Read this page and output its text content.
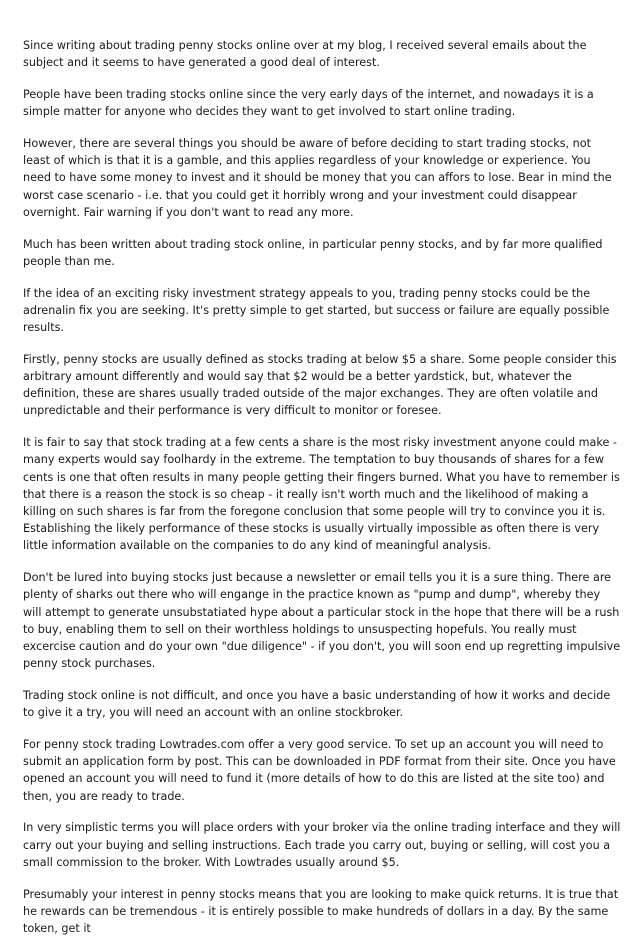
Since writing about trading penny stocks online over at my blog, I received several emails about the subject and it seems to have generated a good deal of interest.

People have been trading stocks online since the very early days of the internet, and nowadays it is a simple matter for anyone who decides they want to get involved to start online trading.

However, there are several things you should be aware of before deciding to start trading stocks, not least of which is that it is a gamble, and this applies regardless of your knowledge or experience. You need to have some money to invest and it should be money that you can affors to lose. Bear in mind the worst case scenario - i.e. that you could get it horribly wrong and your investment could disappear overnight. Fair warning if you don't want to read any more.

Much has been written about trading stock online, in particular penny stocks, and by far more qualified people than me.

If the idea of an exciting risky investment strategy appeals to you, trading penny stocks could be the adrenalin fix you are seeking. It's pretty simple to get started, but success or failure are equally possible results.

Firstly, penny stocks are usually defined as stocks trading at below $5 a share. Some people consider this arbitrary amount differently and would say that $2 would be a better yardstick, but, whatever the definition, these are shares usually traded outside of the major exchanges. They are often volatile and unpredictable and their performance is very difficult to monitor or foresee.

It is fair to say that stock trading at a few cents a share is the most risky investment anyone could make - many experts would say foolhardy in the extreme. The temptation to buy thousands of shares for a few cents is one that often results in many people getting their fingers burned. What you have to remember is that there is a reason the stock is so cheap - it really isn't worth much and the likelihood of making a killing on such shares is far from the foregone conclusion that some people will try to convince you it is. Establishing the likely performance of these stocks is usually virtually impossible as often there is very little information available on the companies to do any kind of meaningful analysis.

Don't be lured into buying stocks just because a newsletter or email tells you it is a sure thing. There are plenty of sharks out there who will engange in the practice known as "pump and dump", whereby they will attempt to generate unsubstatiated hype about a particular stock in the hope that there will be a rush to buy, enabling them to sell on their worthless holdings to unsuspecting hopefuls. You really must excercise caution and do your own "due diligence" - if you don't, you will soon end up regretting impulsive penny stock purchases.

Trading stock online is not difficult, and once you have a basic understanding of how it works and decide to give it a try, you will need an account with an online stockbroker.

For penny stock trading Lowtrades.com offer a very good service. To set up an account you will need to submit an application form by post. This can be downloaded in PDF format from their site. Once you have opened an account you will need to fund it (more details of how to do this are listed at the site too) and then, you are ready to trade.

In very simplistic terms you will place orders with your broker via the online trading interface and they will carry out your buying and selling instructions. Each trade you carry out, buying or selling, will cost you a small commission to the broker. With Lowtrades usually around $5.

Presumably your interest in penny stocks means that you are looking to make quick returns. It is true that he rewards can be tremendous - it is entirely possible to make hundreds of dollars in a day. By the same token, get it
